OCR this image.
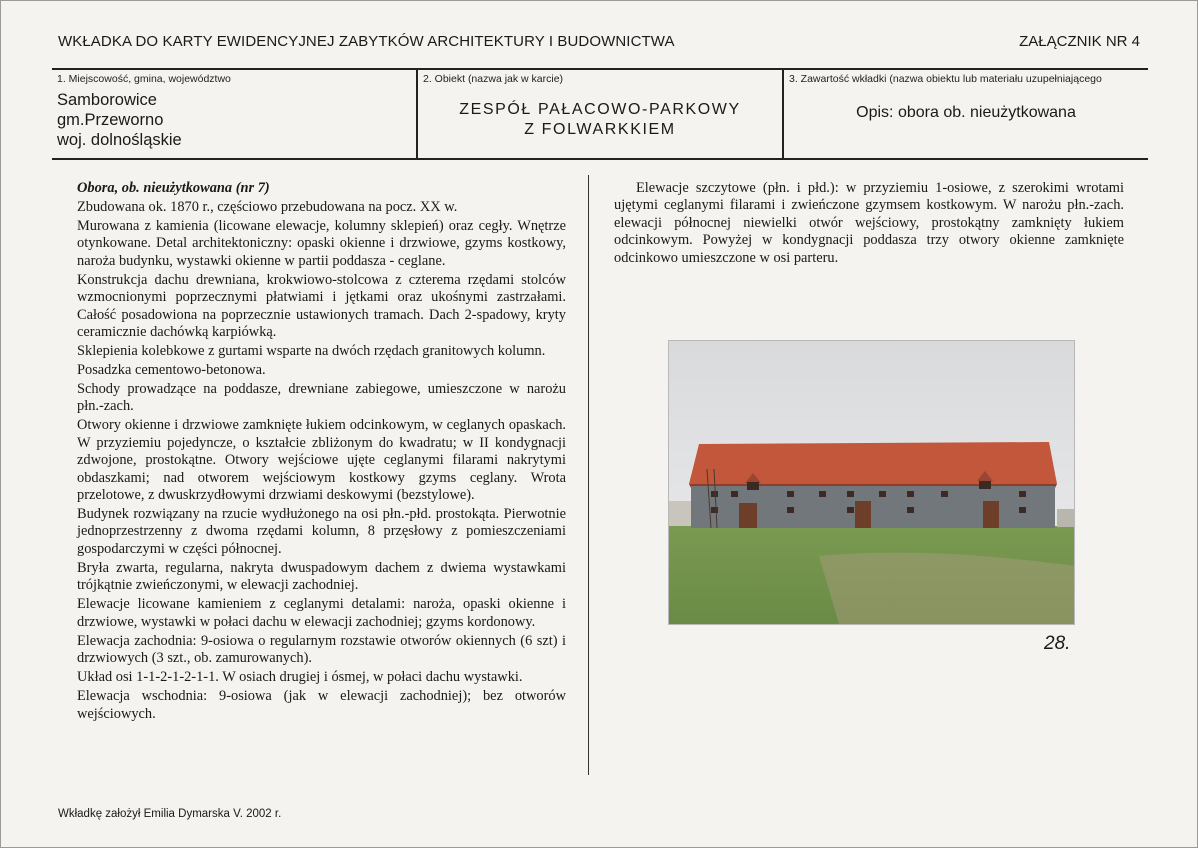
WKŁADKA DO KARTY EWIDENCYJNEJ ZABYTKÓW ARCHITEKTURY I BUDOWNICTWA	ZAŁĄCZNIK NR 4
1. Miejscowość, gmina, województwo
Samborowice
gm.Przeworno
woj. dolnośląskie
2. Obiekt (nazwa jak w karcie)
ZESPÓŁ PAŁACOWO-PARKOWY
Z FOLWARKKIEM
3. Zawartość wkładki (nazwa obiektu lub materiału uzupełniającego
Opis: obora ob. nieużytkowana

Obora, ob. nieużytkowana (nr 7)

Zbudowana ok. 1870 r., częściowo przebudowana na pocz. XX w.

Murowana z kamienia (licowane elewacje, kolumny sklepień) oraz cegły. Wnętrze otynkowane. Detal architektoniczny: opaski okienne i drzwiowe, gzyms kostkowy, naroża budynku, wystawki okienne w partii poddasza - ceglane.

Konstrukcja dachu drewniana, krokwiowo-stolcowa z czterema rzędami stolców wzmocnionymi poprzecznymi płatwiami i jętkami oraz ukośnymi zastrzałami. Całość posadowiona na poprzecznie ustawionych tramach. Dach 2-spadowy, kryty ceramicznie dachówką karpiówką.

Sklepienia kolebkowe z gurtami wsparte na dwóch rzędach granitowych kolumn.

Posadzka cementowo-betonowa.

Schody prowadzące na poddasze, drewniane zabiegowe, umieszczone w narożu płn.-zach.

Otwory okienne i drzwiowe zamknięte łukiem odcinkowym, w ceglanych opaskach. W przyziemiu pojedyncze, o kształcie zbliżonym do kwadratu; w II kondygnacji zdwojone, prostokątne. Otwory wejściowe ujęte ceglanymi filarami nakrytymi obdaszkami; nad otworem wejściowym kostkowy gzyms ceglany. Wrota przelotowe, z dwuskrzydłowymi drzwiami deskowymi (bezstylowe).

Budynek rozwiązany na rzucie wydłużonego na osi płn.-płd. prostokąta. Pierwotnie jednoprzestrzenny z dwoma rzędami kolumn, 8 przęsłowy z pomieszczeniami gospodarczymi w części północnej.

Bryła zwarta, regularna, nakryta dwuspadowym dachem z dwiema wystawkami trójkątnie zwieńczonymi, w elewacji zachodniej.

Elewacje licowane kamieniem z ceglanymi detalami: naroża, opaski okienne i drzwiowe, wystawki w połaci dachu w elewacji zachodniej; gzyms kordonowy.

Elewacja zachodnia: 9-osiowa o regularnym rozstawie otworów okiennych (6 szt) i drzwiowych (3 szt., ob. zamurowanych).

Układ osi 1-1-2-1-2-1-1. W osiach drugiej i ósmej, w połaci dachu wystawki.

Elewacja wschodnia: 9-osiowa (jak w elewacji zachodniej); bez otworów wejściowych.

Elewacje szczytowe (płn. i płd.): w przyziemiu 1-osiowe, z szerokimi wrotami ujętymi ceglanymi filarami i zwieńczone gzymsem kostkowym. W narożu płn.-zach. elewacji północnej niewielki otwór wejściowy, prostokątny zamknięty łukiem odcinkowym. Powyżej w kondygnacji poddasza trzy otwory okienne zamknięte odcinkowo umieszczone w osi parteru.

28.
Wkładkę założył Emilia Dymarska V. 2002 r.
